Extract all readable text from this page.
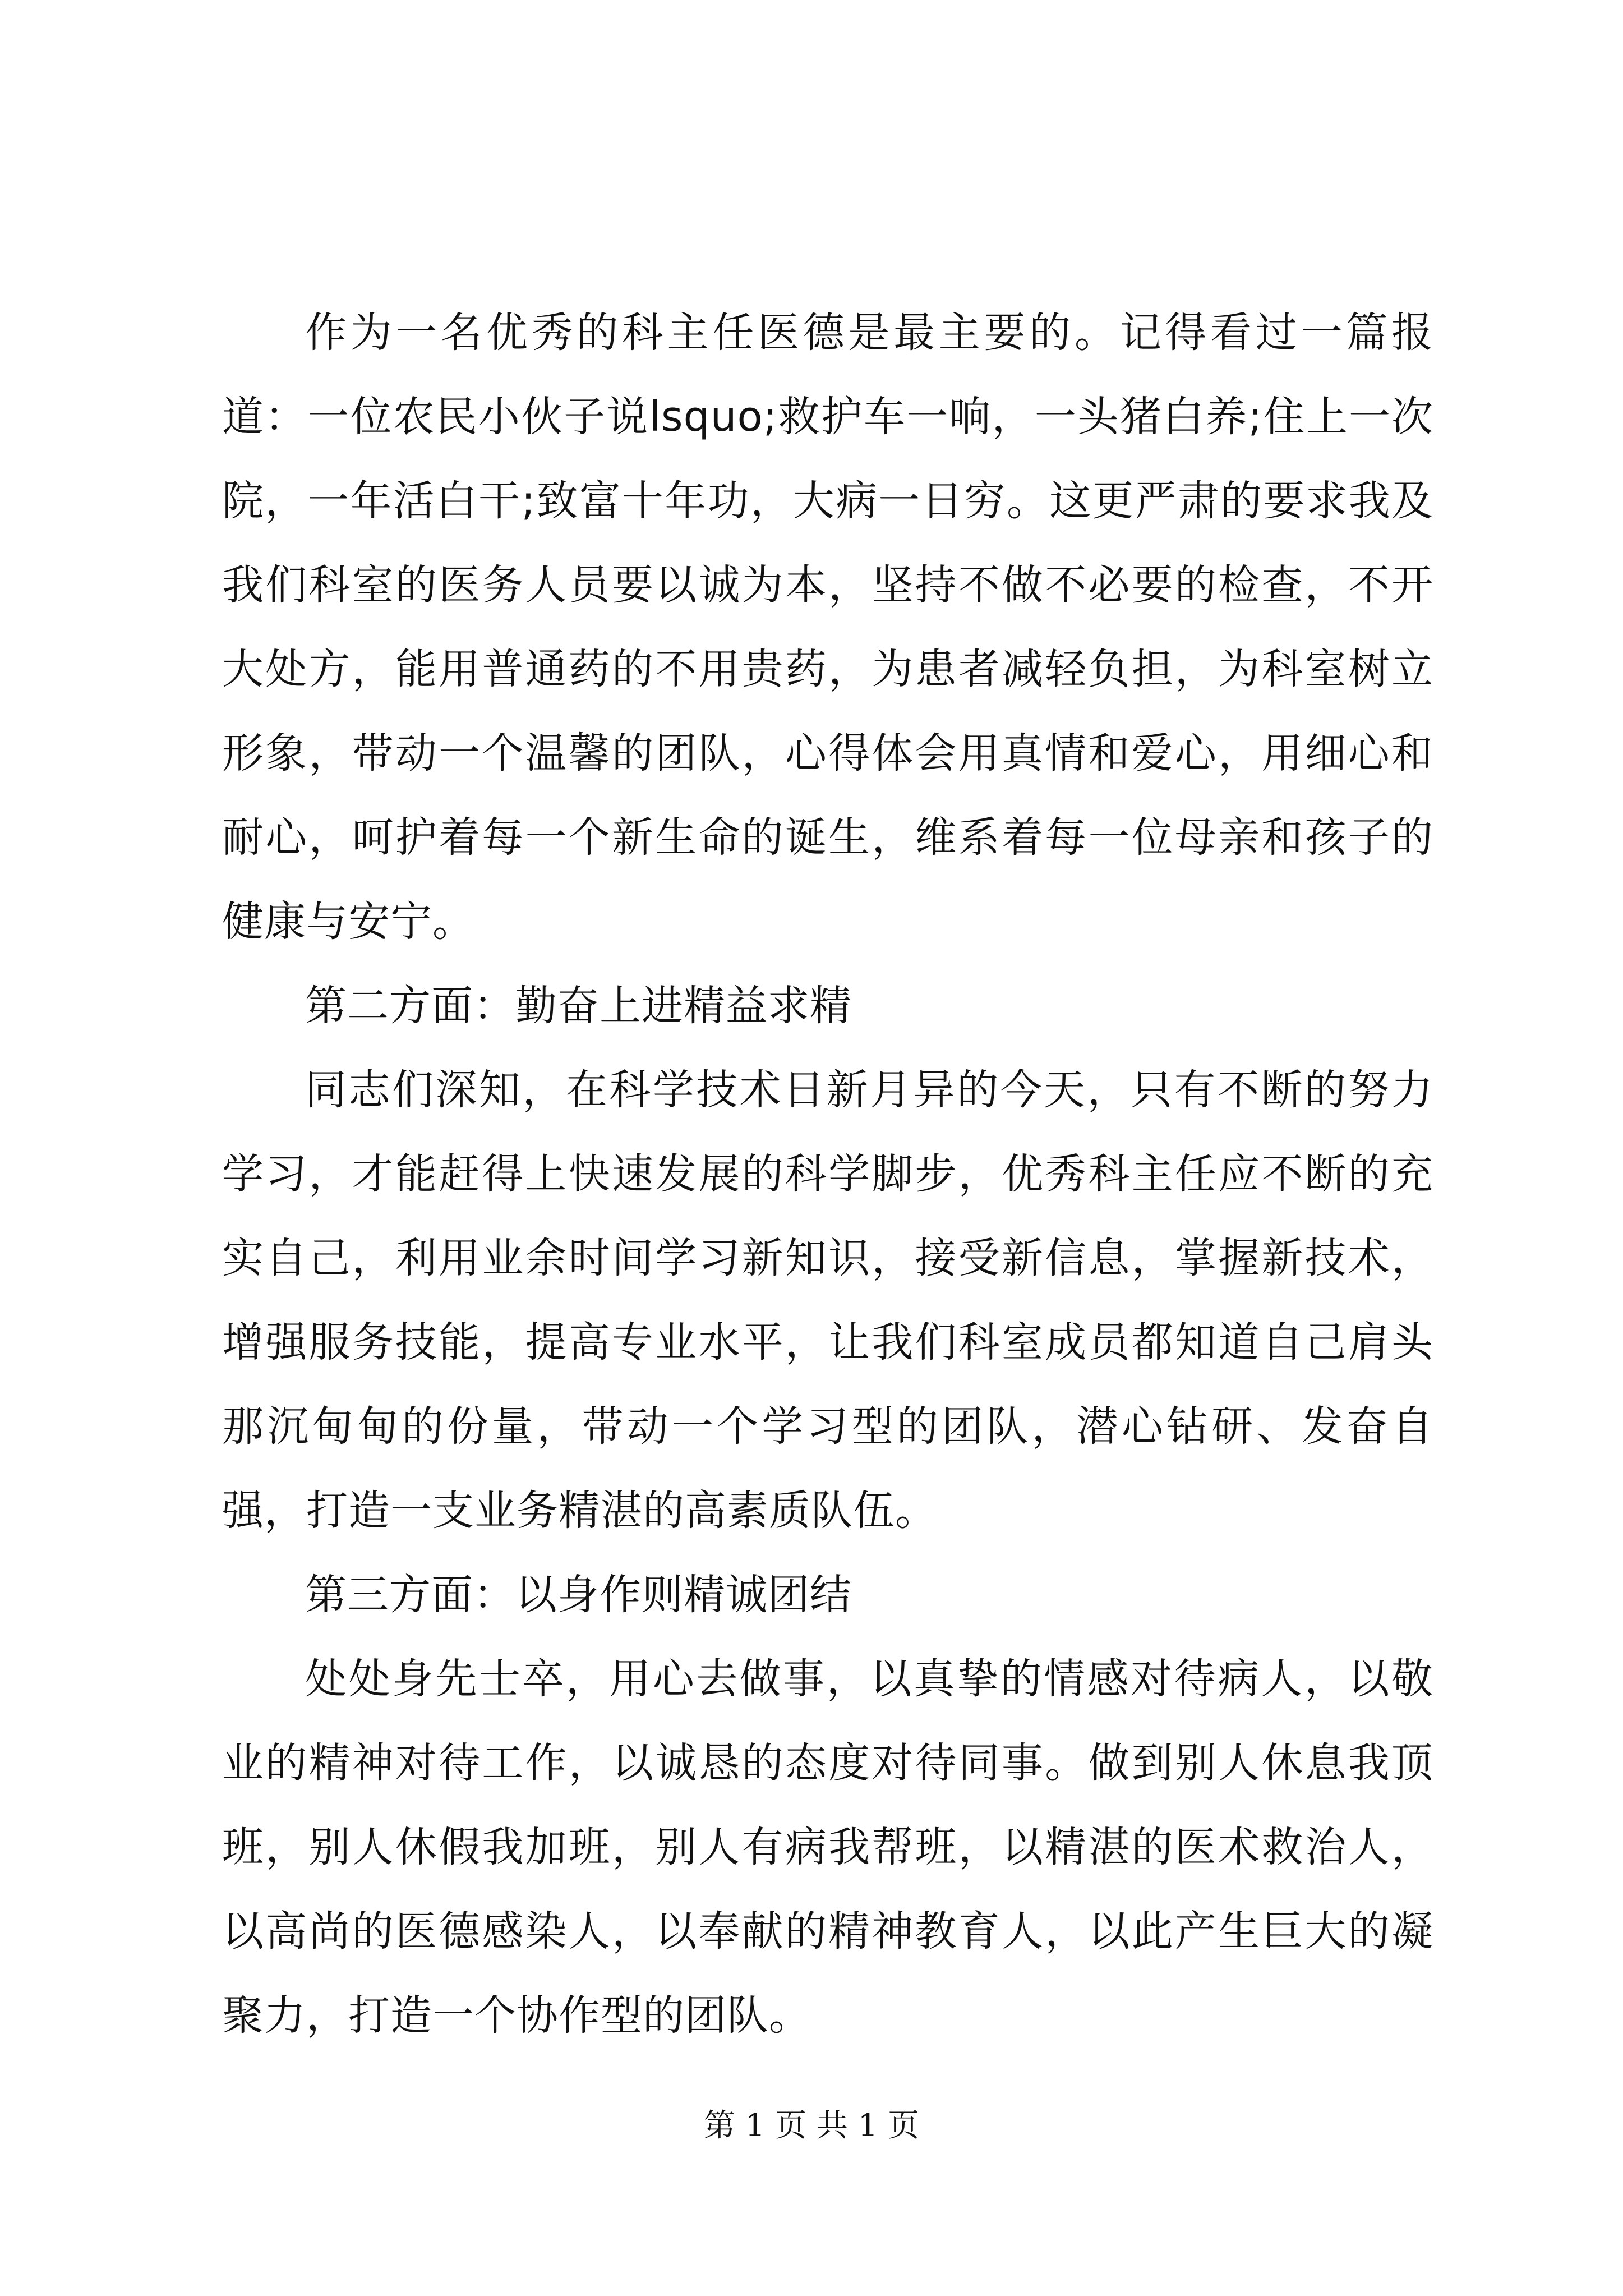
作为一名优秀的科主任医德是最主要的。记得看过一篇报道：一位农民小伙子说lsquo;救护车一响，一头猪白养;住上一次院，一年活白干;致富十年功，大病一日穷。这更严肃的要求我及我们科室的医务人员要以诚为本，坚持不做不必要的检查，不开大处方，能用普通药的不用贵药，为患者减轻负担，为科室树立形象，带动一个温馨的团队，心得体会用真情和爱心，用细心和耐心，呵护着每一个新生命的诞生，维系着每一位母亲和孩子的健康与安宁。

第二方面：勤奋上进精益求精

同志们深知，在科学技术日新月异的今天，只有不断的努力学习，才能赶得上快速发展的科学脚步，优秀科主任应不断的充实自己，利用业余时间学习新知识，接受新信息，掌握新技术，增强服务技能，提高专业水平，让我们科室成员都知道自己肩头那沉甸甸的份量，带动一个学习型的团队，潜心钻研、发奋自强，打造一支业务精湛的高素质队伍。

第三方面：以身作则精诚团结

处处身先士卒，用心去做事，以真挚的情感对待病人，以敬业的精神对待工作，以诚恳的态度对待同事。做到别人休息我顶班，别人休假我加班，别人有病我帮班，以精湛的医术救治人，以高尚的医德感染人，以奉献的精神教育人，以此产生巨大的凝聚力，打造一个协作型的团队。

第 1 页 共 1 页
